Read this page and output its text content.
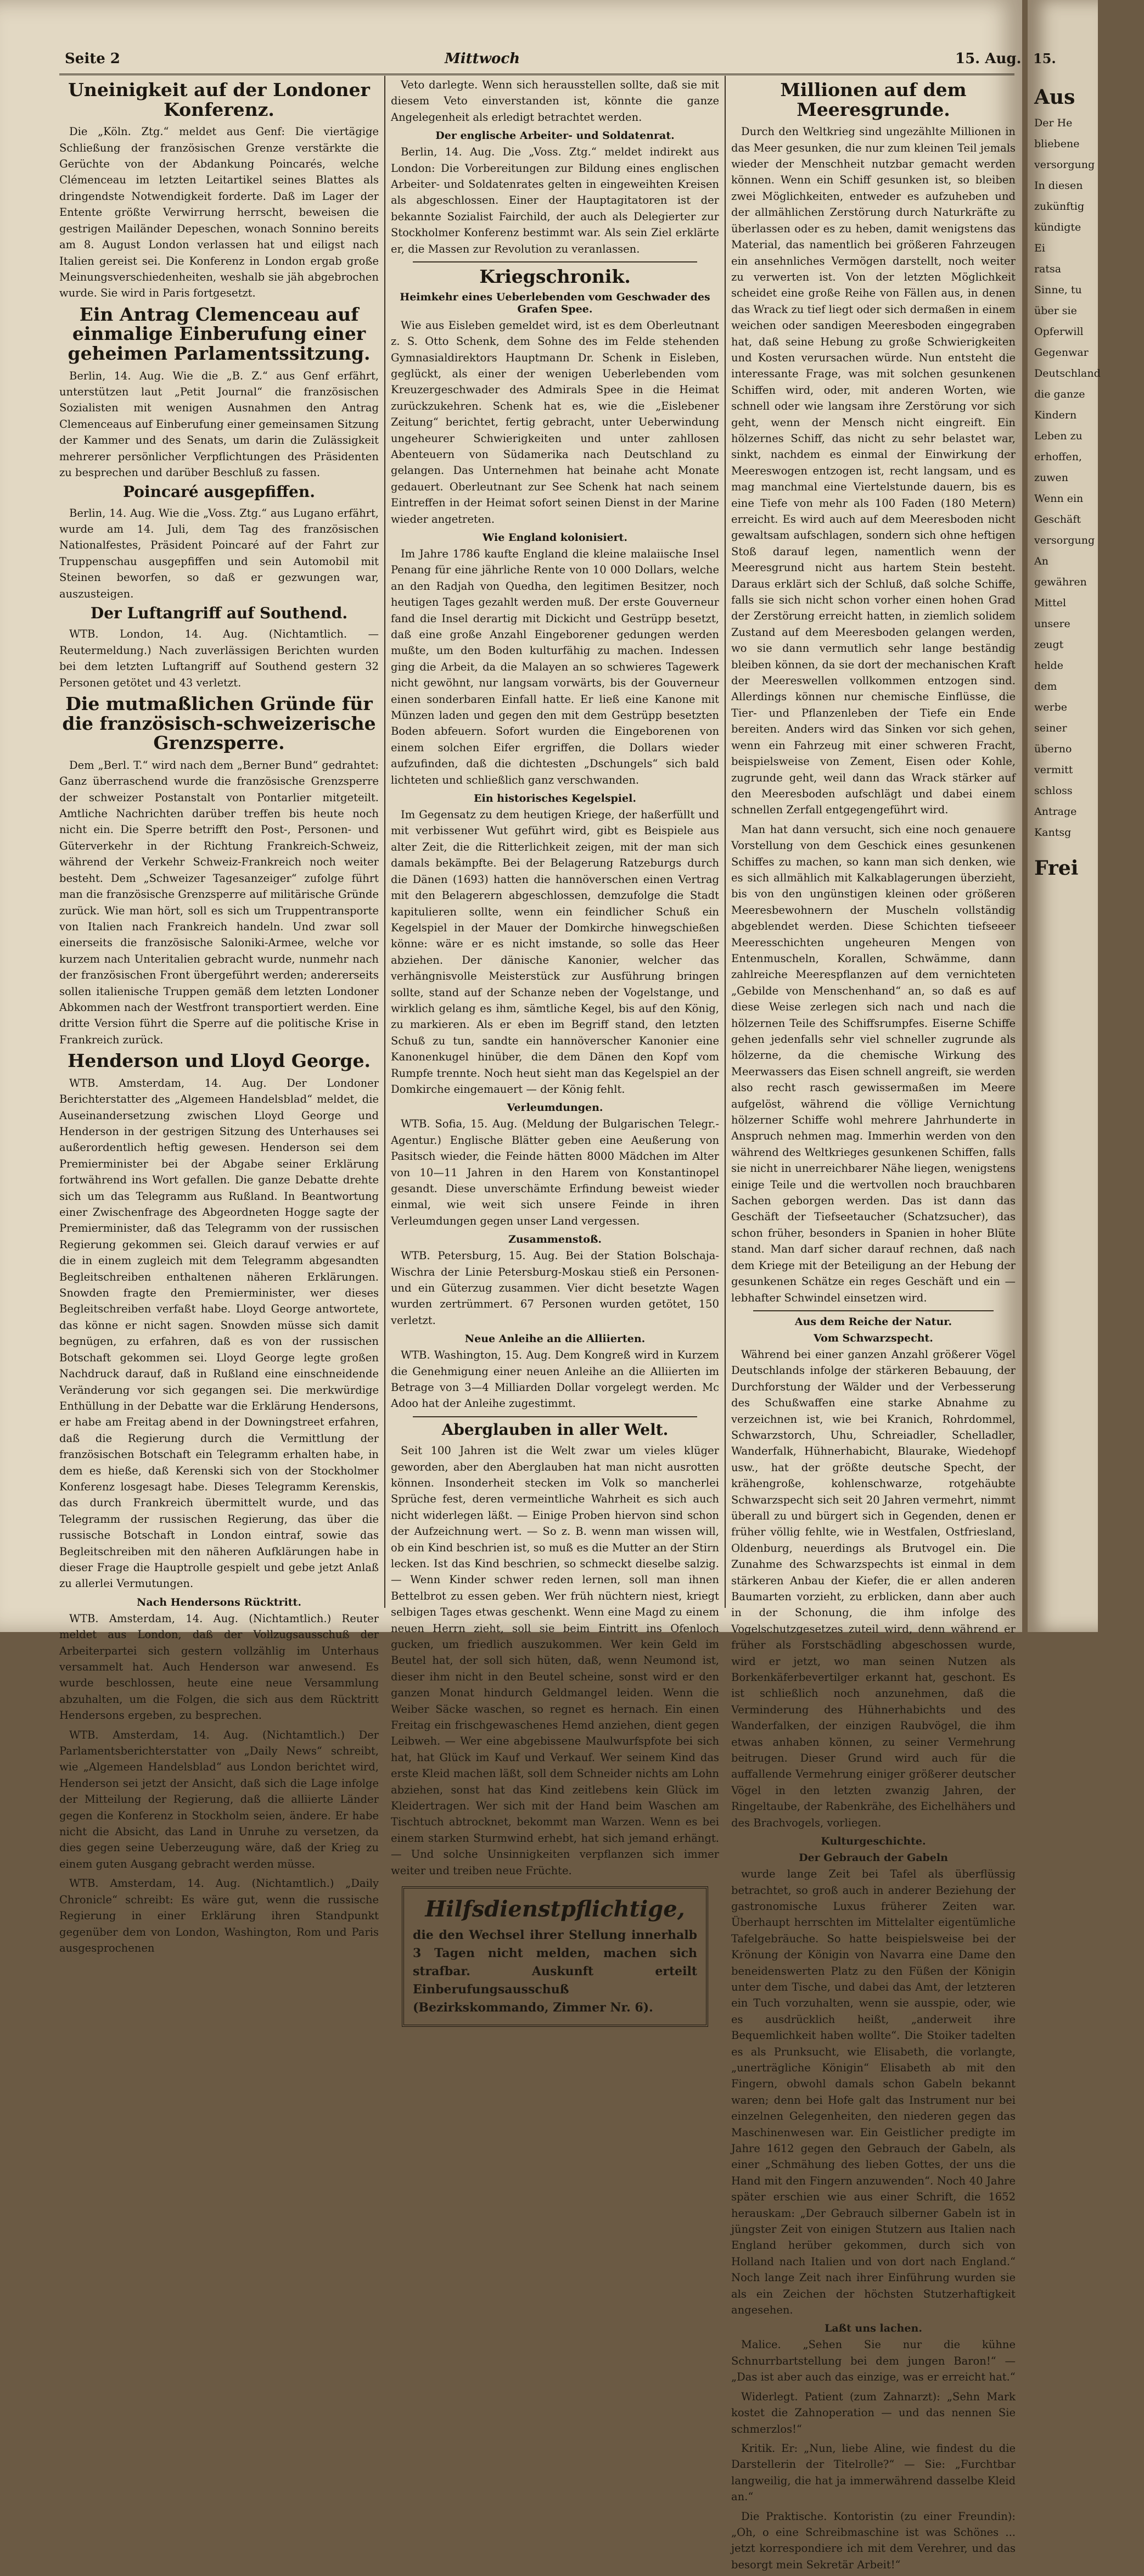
Seite 2	Mittwoch	15. Aug.
Uneinigkeit auf der Londoner Konferenz.

Die „Köln. Ztg.“ meldet aus Genf: Die viertägige Schließung der französischen Grenze verstärkte die Gerüchte von der Abdankung Poincarés, welche Clémenceau im letzten Leitartikel seines Blattes als dringendste Notwendigkeit forderte. Daß im Lager der Entente größte Verwirrung herrscht, beweisen die gestrigen Mailänder Depeschen, wonach Sonnino bereits am 8. August London verlassen hat und eiligst nach Italien gereist sei. Die Konferenz in London ergab große Meinungsverschiedenheiten, weshalb sie jäh abgebrochen wurde. Sie wird in Paris fortgesetzt.

Ein Antrag Clemenceau auf einmalige Einberufung einer geheimen Parlamentssitzung.

Berlin, 14. Aug. Wie die „B. Z.“ aus Genf erfährt, unterstützen laut „Petit Journal“ die französischen Sozialisten mit wenigen Ausnahmen den Antrag Clemenceaus auf Einberufung einer gemeinsamen Sitzung der Kammer und des Senats, um darin die Zulässigkeit mehrerer persönlicher Verpflichtungen des Präsidenten zu besprechen und darüber Beschluß zu fassen.

Poincaré ausgepfiffen.

Berlin, 14. Aug. Wie die „Voss. Ztg.“ aus Lugano erfährt, wurde am 14. Juli, dem Tag des französischen Nationalfestes, Präsident Poincaré auf der Fahrt zur Truppenschau ausgepfiffen und sein Automobil mit Steinen beworfen, so daß er gezwungen war, auszusteigen.

Der Luftangriff auf Southend.

WTB. London, 14. Aug. (Nichtamtlich. — Reutermeldung.) Nach zuverlässigen Berichten wurden bei dem letzten Luftangriff auf Southend gestern 32 Personen getötet und 43 verletzt.

Die mutmaßlichen Gründe für die französisch-schweizerische Grenzsperre.

Dem „Berl. T.“ wird nach dem „Berner Bund“ gedrahtet: Ganz überraschend wurde die französische Grenzsperre der schweizer Postanstalt von Pontarlier mitgeteilt. Amtliche Nachrichten darüber treffen bis heute noch nicht ein. Die Sperre betrifft den Post-, Personen- und Güterverkehr in der Richtung Frankreich-Schweiz, während der Verkehr Schweiz-Frankreich noch weiter besteht. Dem „Schweizer Tagesanzeiger“ zufolge führt man die französische Grenzsperre auf militärische Gründe zurück. Wie man hört, soll es sich um Truppentransporte von Italien nach Frankreich handeln. Und zwar soll einerseits die französische Saloniki-Armee, welche vor kurzem nach Unteritalien gebracht wurde, nunmehr nach der französischen Front übergeführt werden; andererseits sollen italienische Truppen gemäß dem letzten Londoner Abkommen nach der Westfront transportiert werden. Eine dritte Version führt die Sperre auf die politische Krise in Frankreich zurück.

Henderson und Lloyd George.

WTB. Amsterdam, 14. Aug. Der Londoner Berichterstatter des „Algemeen Handelsblad“ meldet, die Auseinandersetzung zwischen Lloyd George und Henderson in der gestrigen Sitzung des Unterhauses sei außerordentlich heftig gewesen. Henderson sei dem Premierminister bei der Abgabe seiner Erklärung fortwährend ins Wort gefallen. Die ganze Debatte drehte sich um das Telegramm aus Rußland. In Beantwortung einer Zwischenfrage des Abgeordneten Hogge sagte der Premierminister, daß das Telegramm von der russischen Regierung gekommen sei. Gleich darauf verwies er auf die in einem zugleich mit dem Telegramm abgesandten Begleitschreiben enthaltenen näheren Erklärungen. Snowden fragte den Premierminister, wer dieses Begleitschreiben verfaßt habe. Lloyd George antwortete, das könne er nicht sagen. Snowden müsse sich damit begnügen, zu erfahren, daß es von der russischen Botschaft gekommen sei. Lloyd George legte großen Nachdruck darauf, daß in Rußland eine einschneidende Veränderung vor sich gegangen sei. Die merkwürdige Enthüllung in der Debatte war die Erklärung Hendersons, er habe am Freitag abend in der Downingstreet erfahren, daß die Regierung durch die Vermittlung der französischen Botschaft ein Telegramm erhalten habe, in dem es hieße, daß Kerenski sich von der Stockholmer Konferenz losgesagt habe. Dieses Telegramm Kerenskis, das durch Frankreich übermittelt wurde, und das Telegramm der russischen Regierung, das über die russische Botschaft in London eintraf, sowie das Begleitschreiben mit den näheren Aufklärungen habe in dieser Frage die Hauptrolle gespielt und gebe jetzt Anlaß zu allerlei Vermutungen.

Nach Hendersons Rücktritt.

WTB. Amsterdam, 14. Aug. (Nichtamtlich.) Reuter meldet aus London, daß der Vollzugsausschuß der Arbeiterpartei sich gestern vollzählig im Unterhaus versammelt hat. Auch Henderson war anwesend. Es wurde beschlossen, heute eine neue Versammlung abzuhalten, um die Folgen, die sich aus dem Rücktritt Hendersons ergeben, zu besprechen.

WTB. Amsterdam, 14. Aug. (Nichtamtlich.) Der Parlamentsberichterstatter von „Daily News“ schreibt, wie „Algemeen Handelsblad“ aus London berichtet wird, Henderson sei jetzt der Ansicht, daß sich die Lage infolge der Mitteilung der Regierung, daß die alliierte Länder gegen die Konferenz in Stockholm seien, ändere. Er habe nicht die Absicht, das Land in Unruhe zu versetzen, da dies gegen seine Ueberzeugung wäre, daß der Krieg zu einem guten Ausgang gebracht werden müsse.

WTB. Amsterdam, 14. Aug. (Nichtamtlich.) „Daily Chronicle“ schreibt: Es wäre gut, wenn die russische Regierung in einer Erklärung ihren Standpunkt gegenüber dem von London, Washington, Rom und Paris ausgesprochenen

Veto darlegte. Wenn sich herausstellen sollte, daß sie mit diesem Veto einverstanden ist, könnte die ganze Angelegenheit als erledigt betrachtet werden.

Der englische Arbeiter- und Soldatenrat.

Berlin, 14. Aug. Die „Voss. Ztg.“ meldet indirekt aus London: Die Vorbereitungen zur Bildung eines englischen Arbeiter- und Soldatenrates gelten in eingeweihten Kreisen als abgeschlossen. Einer der Hauptagitatoren ist der bekannte Sozialist Fairchild, der auch als Delegierter zur Stockholmer Konferenz bestimmt war. Als sein Ziel erklärte er, die Massen zur Revolution zu veranlassen.

Kriegschronik.
Heimkehr eines Ueberlebenden vom Geschwader des Grafen Spee.

Wie aus Eisleben gemeldet wird, ist es dem Oberleutnant z. S. Otto Schenk, dem Sohne des im Felde stehenden Gymnasialdirektors Hauptmann Dr. Schenk in Eisleben, geglückt, als einer der wenigen Ueberlebenden vom Kreuzergeschwader des Admirals Spee in die Heimat zurückzukehren. Schenk hat es, wie die „Eislebener Zeitung“ berichtet, fertig gebracht, unter Ueberwindung ungeheurer Schwierigkeiten und unter zahllosen Abenteuern von Südamerika nach Deutschland zu gelangen. Das Unternehmen hat beinahe acht Monate gedauert. Oberleutnant zur See Schenk hat nach seinem Eintreffen in der Heimat sofort seinen Dienst in der Marine wieder angetreten.

Wie England kolonisiert.

Im Jahre 1786 kaufte England die kleine malaiische Insel Penang für eine jährliche Rente von 10 000 Dollars, welche an den Radjah von Quedha, den legitimen Besitzer, noch heutigen Tages gezahlt werden muß. Der erste Gouverneur fand die Insel derartig mit Dickicht und Gestrüpp besetzt, daß eine große Anzahl Eingeborener gedungen werden mußte, um den Boden kulturfähig zu machen. Indessen ging die Arbeit, da die Malayen an so schwieres Tagewerk nicht gewöhnt, nur langsam vorwärts, bis der Gouverneur einen sonderbaren Einfall hatte. Er ließ eine Kanone mit Münzen laden und gegen den mit dem Gestrüpp besetzten Boden abfeuern. Sofort wurden die Eingeborenen von einem solchen Eifer ergriffen, die Dollars wieder aufzufinden, daß die dichtesten „Dschungels“ sich bald lichteten und schließlich ganz verschwanden.

Ein historisches Kegelspiel.

Im Gegensatz zu dem heutigen Kriege, der haßerfüllt und mit verbissener Wut geführt wird, gibt es Beispiele aus alter Zeit, die die Ritterlichkeit zeigen, mit der man sich damals bekämpfte. Bei der Belagerung Ratzeburgs durch die Dänen (1693) hatten die hannöverschen einen Vertrag mit den Belagerern abgeschlossen, demzufolge die Stadt kapitulieren sollte, wenn ein feindlicher Schuß ein Kegelspiel in der Mauer der Domkirche hinwegschießen könne: wäre er es nicht imstande, so solle das Heer abziehen. Der dänische Kanonier, welcher das verhängnisvolle Meisterstück zur Ausführung bringen sollte, stand auf der Schanze neben der Vogelstange, und wirklich gelang es ihm, sämtliche Kegel, bis auf den König, zu markieren. Als er eben im Begriff stand, den letzten Schuß zu tun, sandte ein hannöverscher Kanonier eine Kanonenkugel hinüber, die dem Dänen den Kopf vom Rumpfe trennte. Noch heut sieht man das Kegelspiel an der Domkirche eingemauert — der König fehlt.

Verleumdungen.

WTB. Sofia, 15. Aug. (Meldung der Bulgarischen Telegr.-Agentur.) Englische Blätter geben eine Aeußerung von Pasitsch wieder, die Feinde hätten 8000 Mädchen im Alter von 10—11 Jahren in den Harem von Konstantinopel gesandt. Diese unverschämte Erfindung beweist wieder einmal, wie weit sich unsere Feinde in ihren Verleumdungen gegen unser Land vergessen.

Zusammenstoß.

WTB. Petersburg, 15. Aug. Bei der Station Bolschaja-Wischra der Linie Petersburg-Moskau stieß ein Personen- und ein Güterzug zusammen. Vier dicht besetzte Wagen wurden zertrümmert. 67 Personen wurden getötet, 150 verletzt.

Neue Anleihe an die Alliierten.

WTB. Washington, 15. Aug. Dem Kongreß wird in Kurzem die Genehmigung einer neuen Anleihe an die Alliierten im Betrage von 3—4 Milliarden Dollar vorgelegt werden. Mc Adoo hat der Anleihe zugestimmt.

Aberglauben in aller Welt.

Seit 100 Jahren ist die Welt zwar um vieles klüger geworden, aber den Aberglauben hat man nicht ausrotten können. Insonderheit stecken im Volk so mancherlei Sprüche fest, deren vermeintliche Wahrheit es sich auch nicht widerlegen läßt. — Einige Proben hiervon sind schon der Aufzeichnung wert. — So z. B. wenn man wissen will, ob ein Kind beschrien ist, so muß es die Mutter an der Stirn lecken. Ist das Kind beschrien, so schmeckt dieselbe salzig. — Wenn Kinder schwer reden lernen, soll man ihnen Bettelbrot zu essen geben. Wer früh nüchtern niest, kriegt selbigen Tages etwas geschenkt. Wenn eine Magd zu einem neuen Herrn zieht, soll sie beim Eintritt ins Ofenloch gucken, um friedlich auszukommen. Wer kein Geld im Beutel hat, der soll sich hüten, daß, wenn Neumond ist, dieser ihm nicht in den Beutel scheine, sonst wird er den ganzen Monat hindurch Geldmangel leiden. Wenn die Weiber Säcke waschen, so regnet es hernach. Ein einen Freitag ein frischgewaschenes Hemd anziehen, dient gegen Leibweh. — Wer eine abgebissene Maulwurfspfote bei sich hat, hat Glück im Kauf und Verkauf. Wer seinem Kind das erste Kleid machen läßt, soll dem Schneider nichts am Lohn abziehen, sonst hat das Kind zeitlebens kein Glück im Kleidertragen. Wer sich mit der Hand beim Waschen am Tischtuch abtrocknet, bekommt man Warzen. Wenn es bei einem starken Sturmwind erhebt, hat sich jemand erhängt. — Und solche Unsinnigkeiten verpflanzen sich immer weiter und treiben neue Früchte.

Hilfsdienstpflichtige,
die den Wechsel ihrer Stellung innerhalb 3 Tagen nicht melden, machen sich strafbar. Auskunft erteilt Einberufungsausschuß (Bezirkskommando, Zimmer Nr. 6).
Millionen auf dem Meeresgrunde.

Durch den Weltkrieg sind ungezählte Millionen in das Meer gesunken, die nur zum kleinen Teil jemals wieder der Menschheit nutzbar gemacht werden können. Wenn ein Schiff gesunken ist, so bleiben zwei Möglichkeiten, entweder es aufzuheben und der allmählichen Zerstörung durch Naturkräfte zu überlassen oder es zu heben, damit wenigstens das Material, das namentlich bei größeren Fahrzeugen ein ansehnliches Vermögen darstellt, noch weiter zu verwerten ist. Von der letzten Möglichkeit scheidet eine große Reihe von Fällen aus, in denen das Wrack zu tief liegt oder sich dermaßen in einem weichen oder sandigen Meeresboden eingegraben hat, daß seine Hebung zu große Schwierigkeiten und Kosten verursachen würde. Nun entsteht die interessante Frage, was mit solchen gesunkenen Schiffen wird, oder, mit anderen Worten, wie schnell oder wie langsam ihre Zerstörung vor sich geht, wenn der Mensch nicht eingreift. Ein hölzernes Schiff, das nicht zu sehr belastet war, sinkt, nachdem es einmal der Einwirkung der Meereswogen entzogen ist, recht langsam, und es mag manchmal eine Viertelstunde dauern, bis es eine Tiefe von mehr als 100 Faden (180 Metern) erreicht. Es wird auch auf dem Meeresboden nicht gewaltsam aufschlagen, sondern sich ohne heftigen Stoß darauf legen, namentlich wenn der Meeresgrund nicht aus hartem Stein besteht. Daraus erklärt sich der Schluß, daß solche Schiffe, falls sie sich nicht schon vorher einen hohen Grad der Zerstörung erreicht hatten, in ziemlich solidem Zustand auf dem Meeresboden gelangen werden, wo sie dann vermutlich sehr lange beständig bleiben können, da sie dort der mechanischen Kraft der Meereswellen vollkommen entzogen sind. Allerdings können nur chemische Einflüsse, die Tier- und Pflanzenleben der Tiefe ein Ende bereiten. Anders wird das Sinken vor sich gehen, wenn ein Fahrzeug mit einer schweren Fracht, beispielsweise von Zement, Eisen oder Kohle, zugrunde geht, weil dann das Wrack stärker auf den Meeresboden aufschlägt und dabei einem schnellen Zerfall entgegengeführt wird.

Man hat dann versucht, sich eine noch genauere Vorstellung von dem Geschick eines gesunkenen Schiffes zu machen, so kann man sich denken, wie es sich allmählich mit Kalkablagerungen überzieht, bis von den ungünstigen kleinen oder größeren Meeresbewohnern der Muscheln vollständig abgeblendet werden. Diese Schichten tiefseeer Meeresschichten ungeheuren Mengen von Entenmuscheln, Korallen, Schwämme, dann zahlreiche Meerespflanzen auf dem vernichteten „Gebilde von Menschenhand“ an, so daß es auf diese Weise zerlegen sich nach und nach die hölzernen Teile des Schiffsrumpfes. Eiserne Schiffe gehen jedenfalls sehr viel schneller zugrunde als hölzerne, da die chemische Wirkung des Meerwassers das Eisen schnell angreift, sie werden also recht rasch gewissermaßen im Meere aufgelöst, während die völlige Vernichtung hölzerner Schiffe wohl mehrere Jahrhunderte in Anspruch nehmen mag. Immerhin werden von den während des Weltkrieges gesunkenen Schiffen, falls sie nicht in unerreichbarer Nähe liegen, wenigstens einige Teile und die wertvollen noch brauchbaren Sachen geborgen werden. Das ist dann das Geschäft der Tiefseetaucher (Schatzsucher), das schon früher, besonders in Spanien in hoher Blüte stand. Man darf sicher darauf rechnen, daß nach dem Kriege mit der Beteiligung an der Hebung der gesunkenen Schätze ein reges Geschäft und ein — lebhafter Schwindel einsetzen wird.

Aus dem Reiche der Natur.
Vom Schwarzspecht.

Während bei einer ganzen Anzahl größerer Vögel Deutschlands infolge der stärkeren Bebauung, der Durchforstung der Wälder und der Verbesserung des Schußwaffen eine starke Abnahme zu verzeichnen ist, wie bei Kranich, Rohrdommel, Schwarzstorch, Uhu, Schreiadler, Schelladler, Wanderfalk, Hühnerhabicht, Blaurake, Wiedehopf usw., hat der größte deutsche Specht, der krähengroße, kohlenschwarze, rotgehäubte Schwarzspecht sich seit 20 Jahren vermehrt, nimmt überall zu und bürgert sich in Gegenden, denen er früher völlig fehlte, wie in Westfalen, Ostfriesland, Oldenburg, neuerdings als Brutvogel ein. Die Zunahme des Schwarzspechts ist einmal in dem stärkeren Anbau der Kiefer, die er allen anderen Baumarten vorzieht, zu erblicken, dann aber auch in der Schonung, die ihm infolge des Vogelschutzgesetzes zuteil wird, denn während er früher als Forstschädling abgeschossen wurde, wird er jetzt, wo man seinen Nutzen als Borkenkäferbevertilger erkannt hat, geschont. Es ist schließlich noch anzunehmen, daß die Verminderung des Hühnerhabichts und des Wanderfalken, der einzigen Raubvögel, die ihm etwas anhaben können, zu seiner Vermehrung beitrugen. Dieser Grund wird auch für die auffallende Vermehrung einiger größerer deutscher Vögel in den letzten zwanzig Jahren, der Ringeltaube, der Rabenkrähe, des Eichelhähers und des Brachvogels, vorliegen.

Kulturgeschichte.
Der Gebrauch der Gabeln

wurde lange Zeit bei Tafel als überflüssig betrachtet, so groß auch in anderer Beziehung der gastronomische Luxus früherer Zeiten war. Überhaupt herrschten im Mittelalter eigentümliche Tafelgebräuche. So hatte beispielsweise bei der Krönung der Königin von Navarra eine Dame den beneidenswerten Platz zu den Füßen der Königin unter dem Tische, und dabei das Amt, der letzteren ein Tuch vorzuhalten, wenn sie ausspie, oder, wie es ausdrücklich heißt, „anderweit ihre Bequemlichkeit haben wollte“. Die Stoiker tadelten es als Prunksucht, wie Elisabeth, die vorlangte, „unerträgliche Königin“ Elisabeth ab mit den Fingern, obwohl damals schon Gabeln bekannt waren; denn bei Hofe galt das Instrument nur bei einzelnen Gelegenheiten, den niederen gegen das Maschinenwesen war. Ein Geistlicher predigte im Jahre 1612 gegen den Gebrauch der Gabeln, als einer „Schmähung des lieben Gottes, der uns die Hand mit den Fingern anzuwenden“. Noch 40 Jahre später erschien wie aus einer Schrift, die 1652 herauskam: „Der Gebrauch silberner Gabeln ist in jüngster Zeit von einigen Stutzern aus Italien nach England herüber gekommen, durch sich von Holland nach Italien und von dort nach England.“ Noch lange Zeit nach ihrer Einführung wurden sie als ein Zeichen der höchsten Stutzerhaftigkeit angesehen.

Laßt uns lachen.

Malice. „Sehen Sie nur die kühne Schnurrbartstellung bei dem jungen Baron!“ — „Das ist aber auch das einzige, was er erreicht hat.“

Widerlegt. Patient (zum Zahnarzt): „Sehn Mark kostet die Zahnoperation — und das nennen Sie schmerzlos!“

Kritik. Er: „Nun, liebe Aline, wie findest du die Darstellerin der Titelrolle?“ — Sie: „Furchtbar langweilig, die hat ja immerwährend dasselbe Kleid an.“

Die Praktische. Kontoristin (zu einer Freundin): „Oh, o eine Schreibmaschine ist was Schönes ... jetzt korrespondiere ich mit dem Verehrer, und das besorgt mein Sekretär Arbeit!“

15.
Aus

Der He

bliebene

versorgung

In diesen

zukünftig

kündigte

Ei

ratsa

Sinne, tu

über sie

Opferwill

Gegenwar

Deutschland

die ganze

Kindern

Leben zu

erhoffen,

zuwen

Wenn ein

Geschäft

versorgung

An

gewähren

Mittel

unsere

zeugt

helde

dem

werbe

seiner

überno

vermitt

schloss

Antrage

Kantsg

Frei
